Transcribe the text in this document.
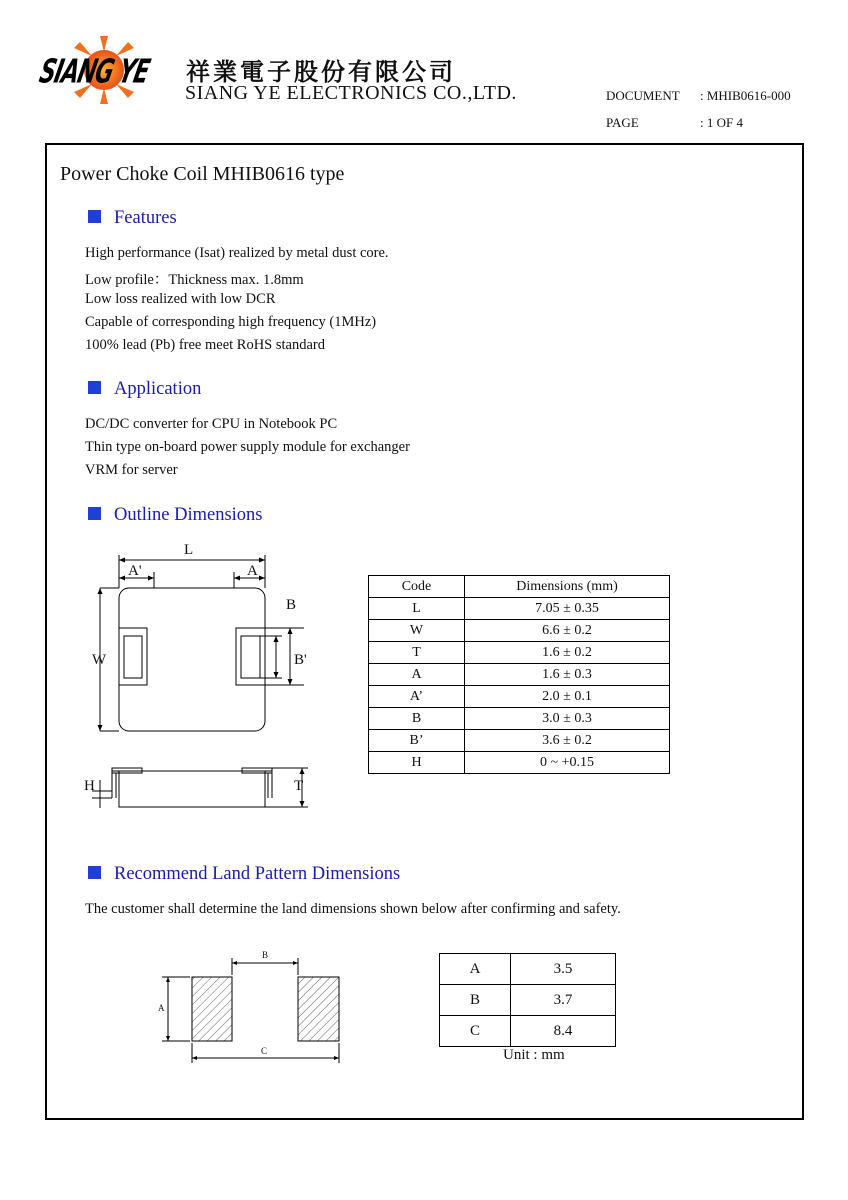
SIANG YE 祥業電子股份有限公司
SIANG YE ELECTRONICS CO.,LTD.	DOCUMENT : MHIB0616-000
PAGE	: 1 OF 4
Power Choke Coil MHIB0616 type
Features
High performance (Isat) realized by metal dust core.
Low profile：Thickness max. 1.8mm
Low loss realized with low DCR
Capable of corresponding high frequency (1MHz)
100% lead (Pb) free meet RoHS standard
Application
DC/DC converter for CPU in Notebook PC
Thin type on-board power supply module for exchanger
VRM for server
Outline Dimensions
L
A'	A
B
B'
W
H	T
Code	Dimensions (mm)
L	7.05 ± 0.35
W	6.6 ± 0.2
T	1.6 ± 0.2
A	1.6 ± 0.3
A’	2.0 ± 0.1
B	3.0 ± 0.3
B’	3.6 ± 0.2
H	0 ~ +0.15
Recommend Land Pattern Dimensions
The customer shall determine the land dimensions shown below after confirming and safety.
B
A
C
A	3.5
B	3.7
C	8.4
Unit : mm
